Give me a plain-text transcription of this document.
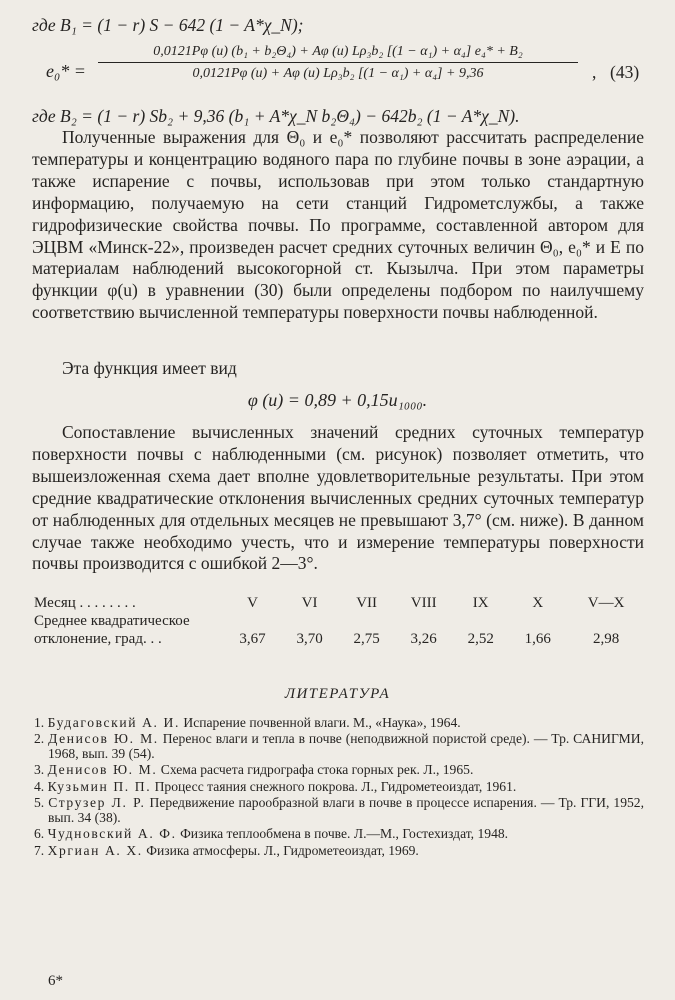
где B₁ = (1 − r) S − 642 (1 − A*χ_N);
e₀* =
0,0121Pφ (u) (b₁ + b₂Θ₄) + Aφ (u) Lρ₃b₂ [(1 − α₁) + α₄] e₄* + B₂
0,0121Pφ (u) + Aφ (u) Lρ₃b₂ [(1 − α₁) + α₄] + 9,36	, (43)
где B₂ = (1 − r) Sb₂ + 9,36 (b₁ + A*χ_N b₂Θ₄) − 642b₂ (1 − A*χ_N).
Полученные выражения для Θ₀ и e₀* позволяют рассчитать распределение температуры и концентрацию водяного пара по глубине почвы в зоне аэрации, а также испарение с почвы, использовав при этом только стандартную информацию, получаемую на сети станций Гидрометслужбы, а также гидрофизические свойства почвы. По программе, составленной автором для ЭЦВМ «Минск-22», произведен расчет средних суточных величин Θ₀, e₀* и E по материалам наблюдений высокогорной ст. Кызылча. При этом параметры функции φ(u) в уравнении (30) были определены подбором по наилучшему соответствию вычисленной температуры поверхности почвы наблюденной.
Эта функция имеет вид
φ (u) = 0,89 + 0,15u₁₀₀₀.
Сопоставление вычисленных значений средних суточных температур поверхности почвы с наблюденными (см. рисунок) позволяет отметить, что вышеизложенная схема дает вполне удовлетворительные результаты. При этом средние квадратические отклонения вычисленных средних суточных температур от наблюденных для отдельных месяцев не превышают 3,7° (см. ниже). В данном случае также необходимо учесть, что и измерение температуры поверхности почвы производится с ошибкой 2—3°.
Месяц . . . . . . . .	V	VI	VII	VIII	IX	X	V—X
Среднее квадратическое							
отклонение, град. . .	3,67	3,70	2,75	3,26	2,52	1,66	2,98
ЛИТЕРАТУРА
1. Будаговский А. И. Испарение почвенной влаги. М., «Наука», 1964.
2. Денисов Ю. М. Перенос влаги и тепла в почве (неподвижной пористой среде). — Тр. САНИГМИ, 1968, вып. 39 (54).
3. Денисов Ю. М. Схема расчета гидрографа стока горных рек. Л., 1965.
4. Кузьмин П. П. Процесс таяния снежного покрова. Л., Гидрометеоиздат, 1961.
5. Струзер Л. Р. Передвижение парообразной влаги в почве в процессе испарения. — Тр. ГГИ, 1952, вып. 34 (38).
6. Чудновский А. Ф. Физика теплообмена в почве. Л.—М., Гостехиздат, 1948.
7. Хргиан А. Х. Физика атмосферы. Л., Гидрометеоиздат, 1969.
6*
